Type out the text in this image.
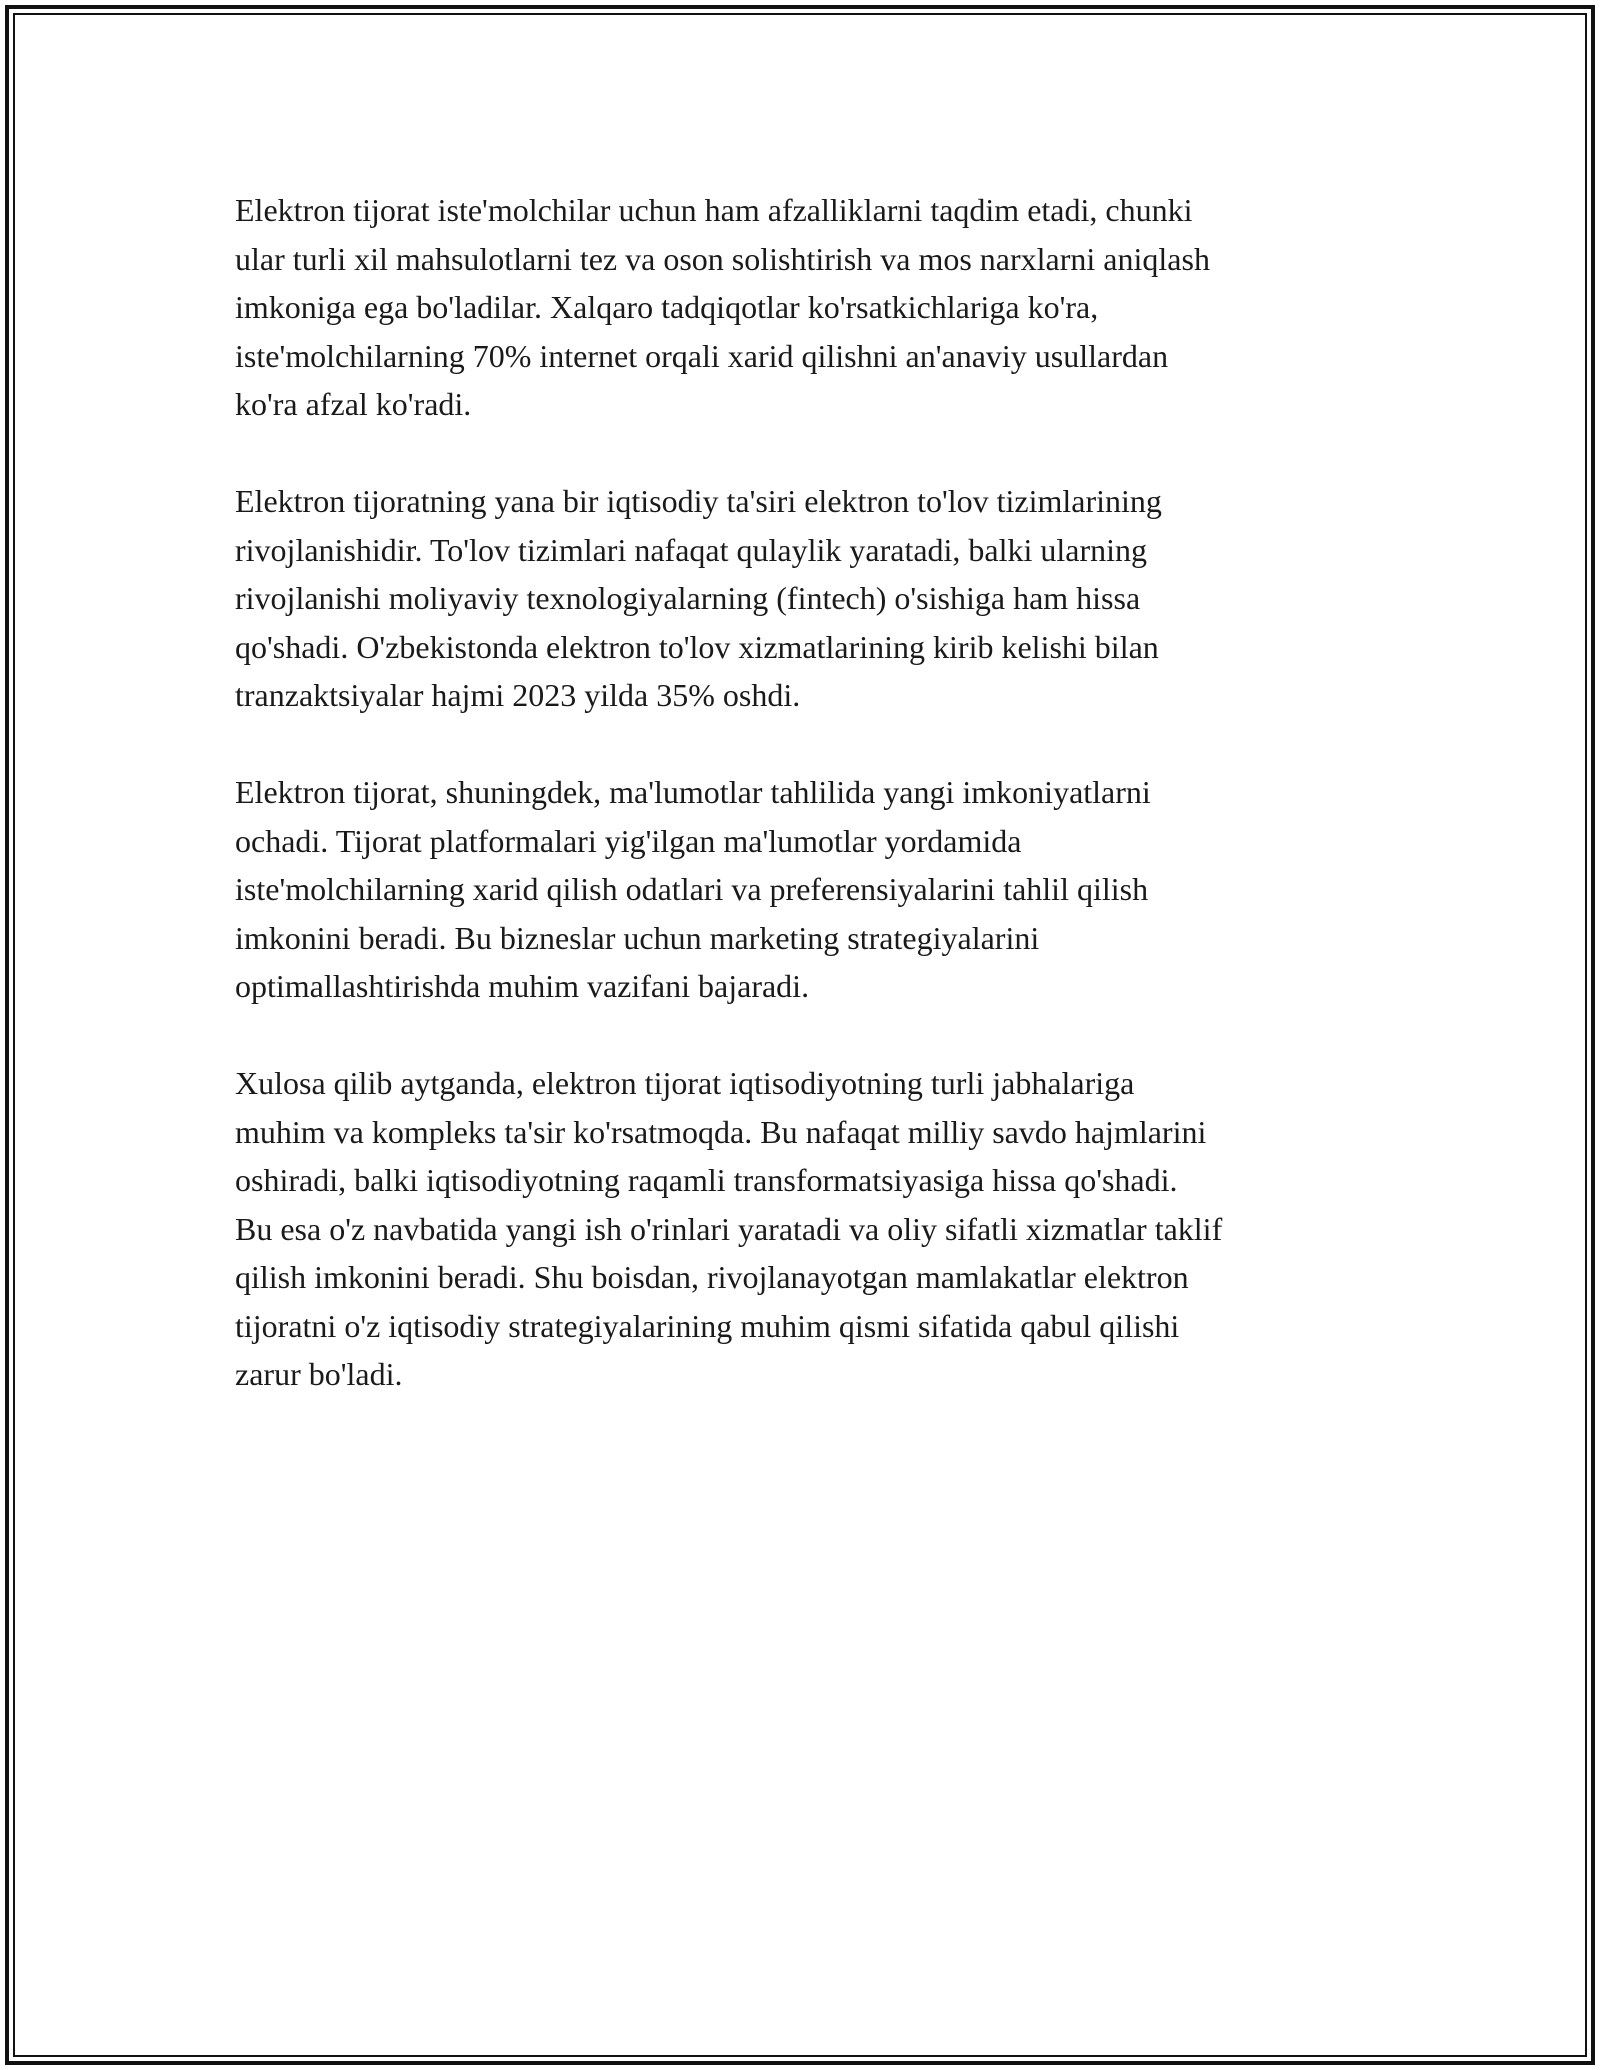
Elektron tijorat iste'molchilar uchun ham afzalliklarni taqdim etadi, chunki
ular turli xil mahsulotlarni tez va oson solishtirish va mos narxlarni aniqlash
imkoniga ega bo'ladilar. Xalqaro tadqiqotlar ko'rsatkichlariga ko'ra,
iste'molchilarning 70% internet orqali xarid qilishni an'anaviy usullardan
ko'ra afzal ko'radi.

Elektron tijoratning yana bir iqtisodiy ta'siri elektron to'lov tizimlarining
rivojlanishidir. To'lov tizimlari nafaqat qulaylik yaratadi, balki ularning
rivojlanishi moliyaviy texnologiyalarning (fintech) o'sishiga ham hissa
qo'shadi. O'zbekistonda elektron to'lov xizmatlarining kirib kelishi bilan
tranzaktsiyalar hajmi 2023 yilda 35% oshdi.

Elektron tijorat, shuningdek, ma'lumotlar tahlilida yangi imkoniyatlarni
ochadi. Tijorat platformalari yig'ilgan ma'lumotlar yordamida
iste'molchilarning xarid qilish odatlari va preferensiyalarini tahlil qilish
imkonini beradi. Bu bizneslar uchun marketing strategiyalarini
optimallashtirishda muhim vazifani bajaradi.

Xulosa qilib aytganda, elektron tijorat iqtisodiyotning turli jabhalariga
muhim va kompleks ta'sir ko'rsatmoqda. Bu nafaqat milliy savdo hajmlarini
oshiradi, balki iqtisodiyotning raqamli transformatsiyasiga hissa qo'shadi.
Bu esa o'z navbatida yangi ish o'rinlari yaratadi va oliy sifatli xizmatlar taklif
qilish imkonini beradi. Shu boisdan, rivojlanayotgan mamlakatlar elektron
tijoratni o'z iqtisodiy strategiyalarining muhim qismi sifatida qabul qilishi
zarur bo'ladi.
